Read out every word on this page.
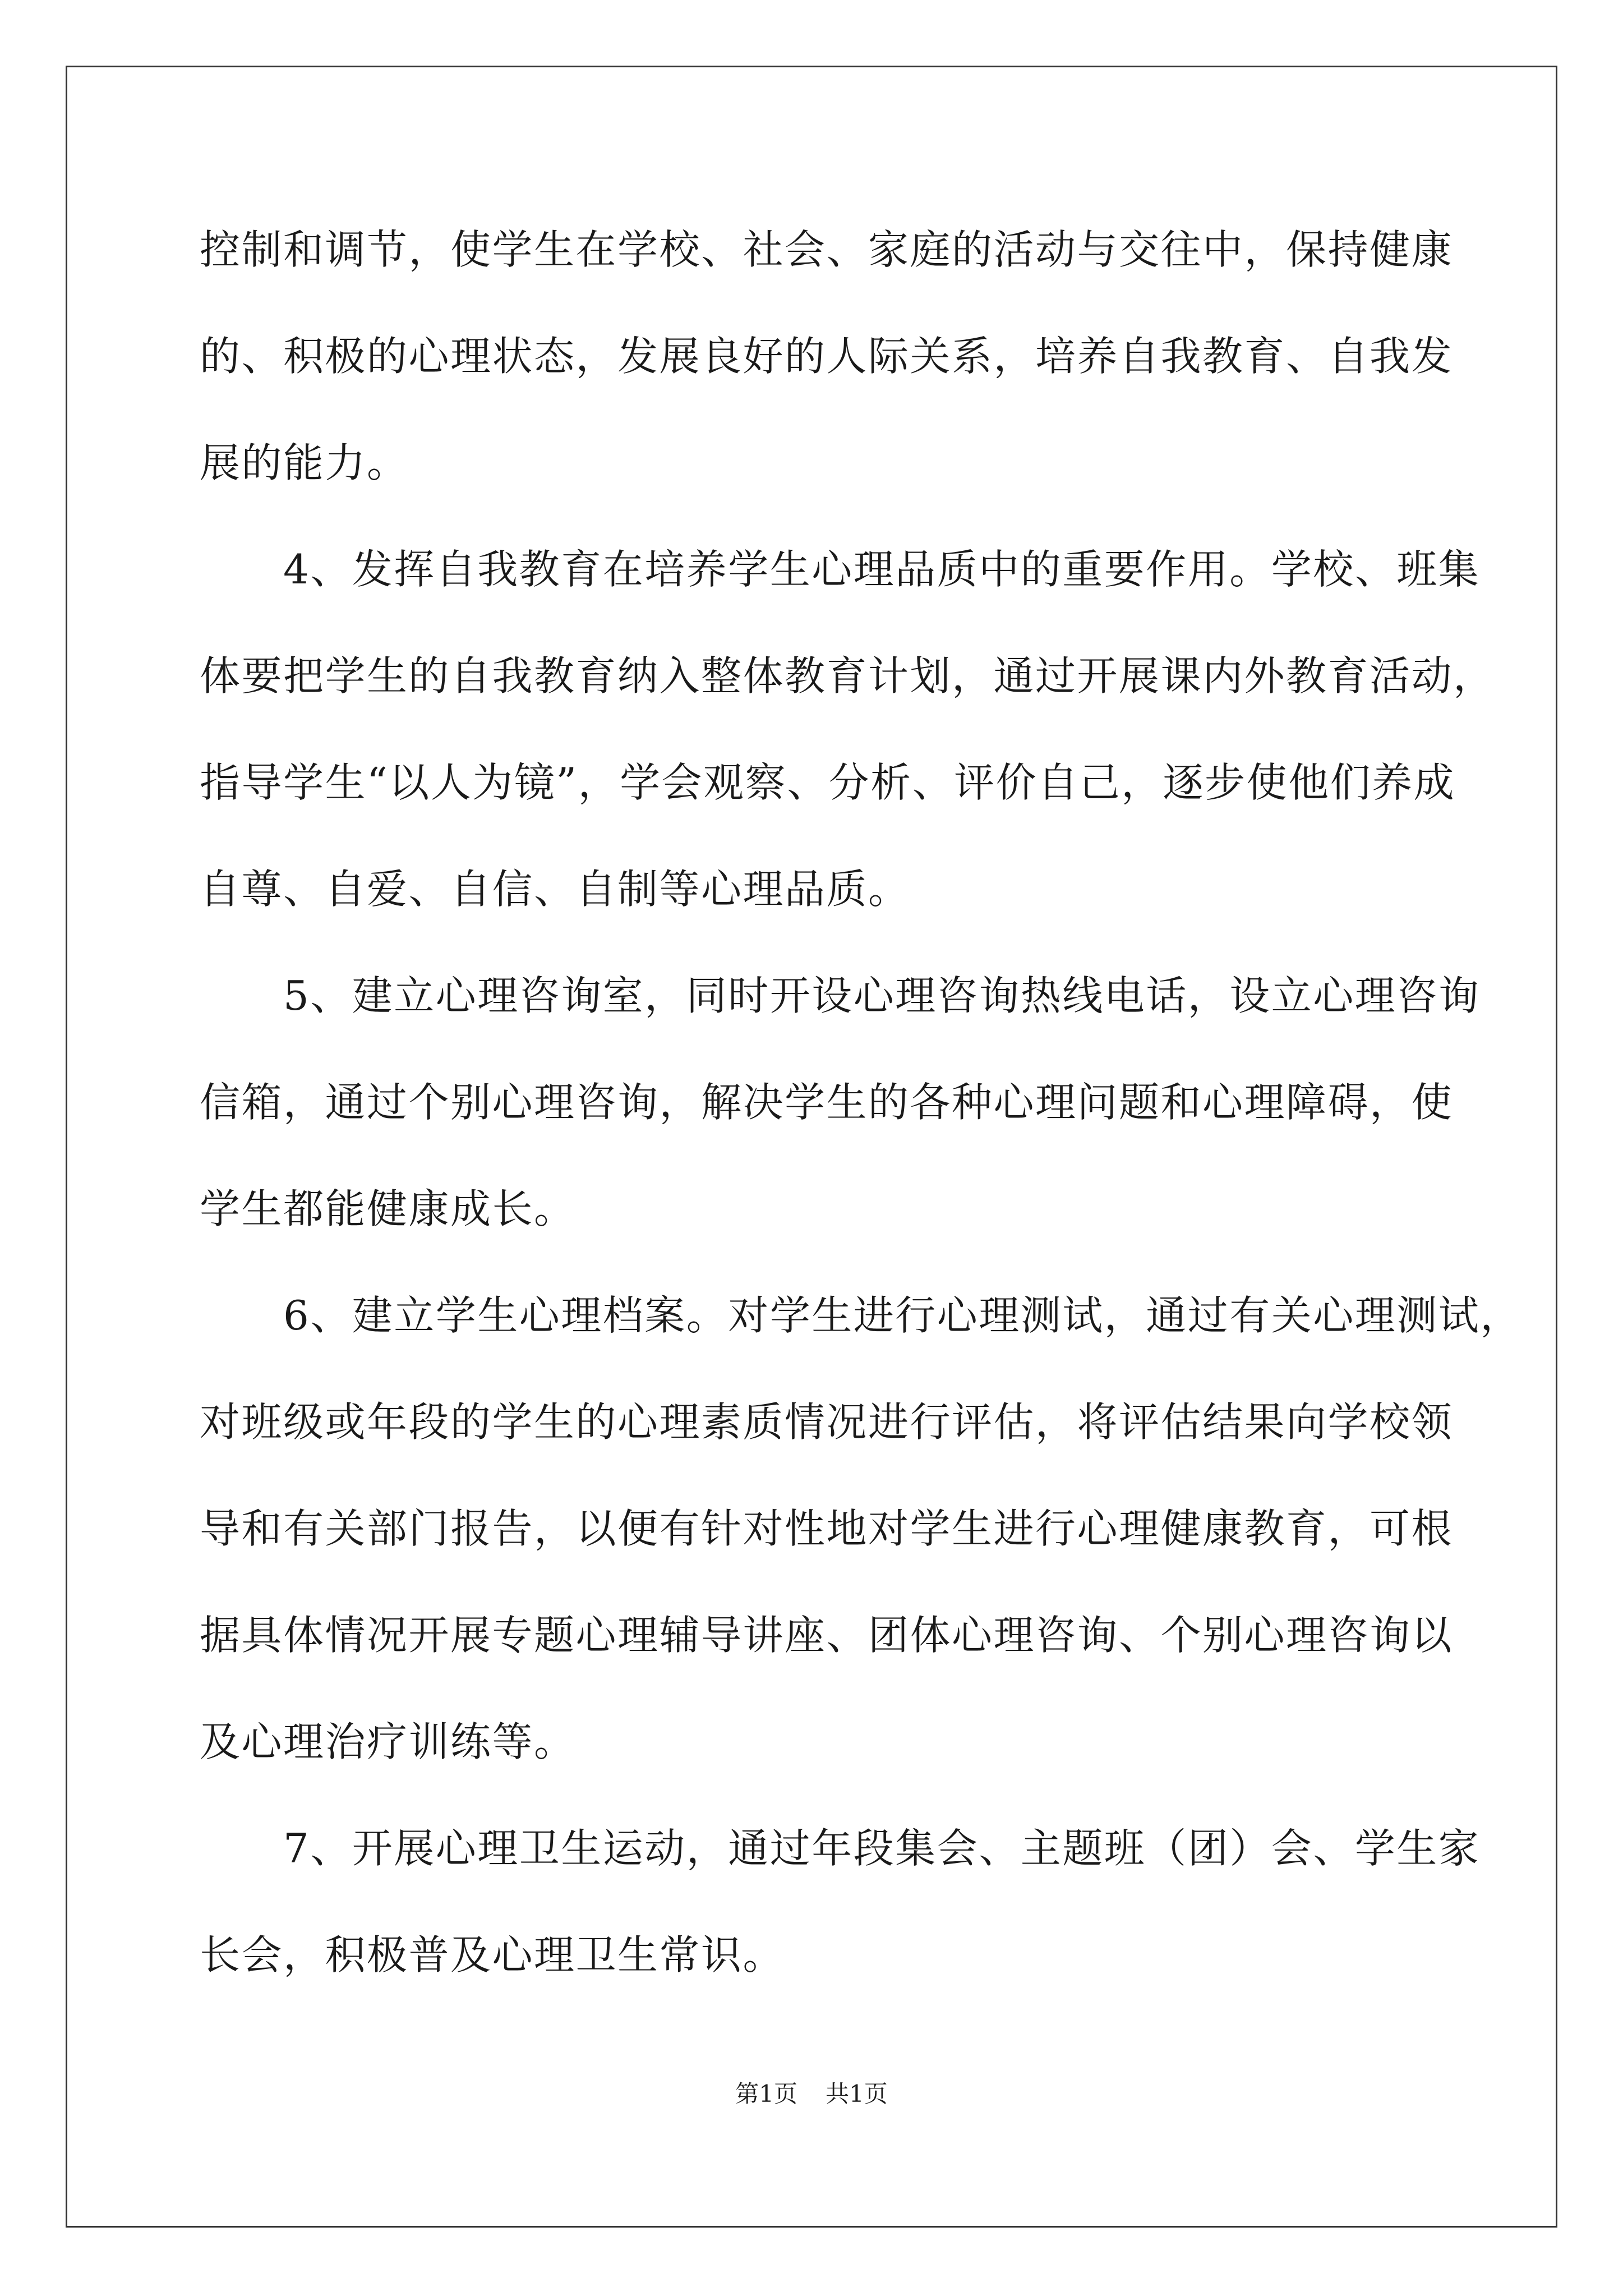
控制和调节，使学生在学校、社会、家庭的活动与交往中，保持健康
的、积极的心理状态，发展良好的人际关系，培养自我教育、自我发
展的能力。
　　4、发挥自我教育在培养学生心理品质中的重要作用。学校、班集
体要把学生的自我教育纳入整体教育计划，通过开展课内外教育活动，
指导学生“以人为镜”，学会观察、分析、评价自己，逐步使他们养成
自尊、自爱、自信、自制等心理品质。
　　5、建立心理咨询室，同时开设心理咨询热线电话，设立心理咨询
信箱，通过个别心理咨询，解决学生的各种心理问题和心理障碍，使
学生都能健康成长。
　　6、建立学生心理档案。对学生进行心理测试，通过有关心理测试，
对班级或年段的学生的心理素质情况进行评估，将评估结果向学校领
导和有关部门报告，以便有针对性地对学生进行心理健康教育，可根
据具体情况开展专题心理辅导讲座、团体心理咨询、个别心理咨询以
及心理治疗训练等。
　　7、开展心理卫生运动，通过年段集会、主题班（团）会、学生家
长会，积极普及心理卫生常识。
第1页 共1页
